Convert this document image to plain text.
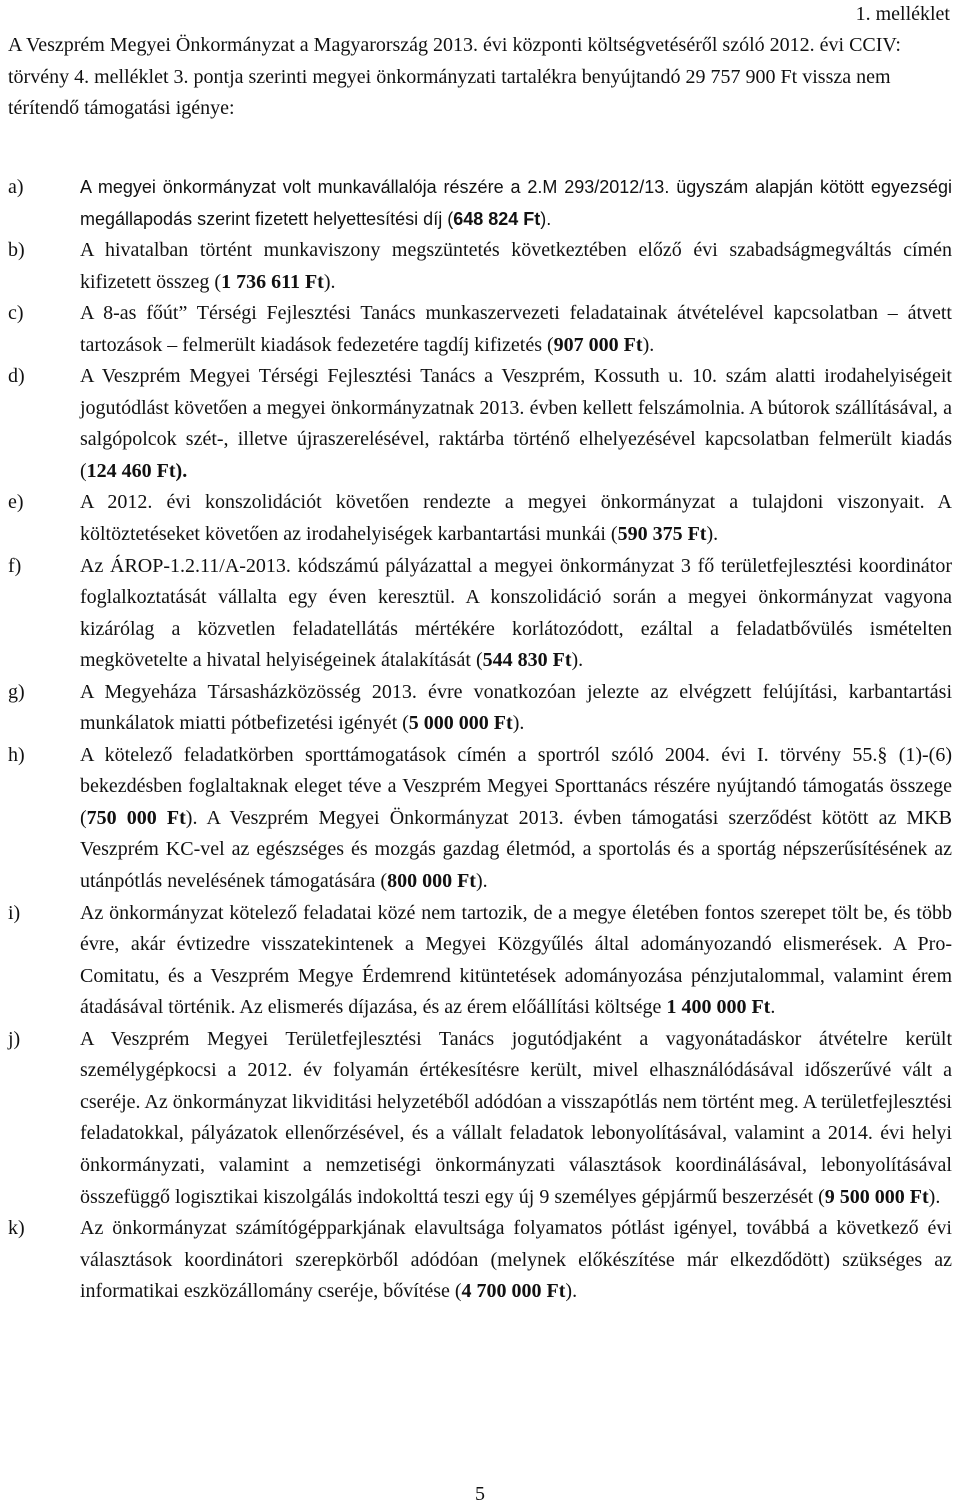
1. melléklet

A Veszprém Megyei Önkormányzat a Magyarország 2013. évi központi költségvetéséről szóló 2012. évi CCIV: törvény 4. melléklet 3. pontja szerinti megyei önkormányzati tartalékra benyújtandó 29 757 900 Ft vissza nem térítendő támogatási igénye:

a)	A megyei önkormányzat volt munkavállalója részére a 2.M 293/2012/13. ügyszám alapján kötött egyezségi megállapodás szerint fizetett helyettesítési díj (648 824 Ft).
b)	A hivatalban történt munkaviszony megszüntetés következtében előző évi szabadságmegváltás címén kifizetett összeg (1 736 611 Ft).
c)	A 8-as főút” Térségi Fejlesztési Tanács munkaszervezeti feladatainak átvételével kapcsolatban – átvett tartozások – felmerült kiadások fedezetére tagdíj kifizetés (907 000 Ft).
d)	A Veszprém Megyei Térségi Fejlesztési Tanács a Veszprém, Kossuth u. 10. szám alatti irodahelyiségeit jogutódlást követően a megyei önkormányzatnak 2013. évben kellett felszámolnia. A bútorok szállításával, a salgópolcok szét-, illetve újraszerelésével, raktárba történő elhelyezésével kapcsolatban felmerült kiadás (124 460 Ft).
e)	A 2012. évi konszolidációt követően rendezte a megyei önkormányzat a tulajdoni viszonyait. A költöztetéseket követően az irodahelyiségek karbantartási munkái (590 375 Ft).
f)	Az ÁROP-1.2.11/A-2013. kódszámú pályázattal a megyei önkormányzat 3 fő területfejlesztési koordinátor foglalkoztatását vállalta egy éven keresztül. A konszolidáció során a megyei önkormányzat vagyona kizárólag a közvetlen feladatellátás mértékére korlátozódott, ezáltal a feladatbővülés ismételten megkövetelte a hivatal helyiségeinek átalakítását (544 830 Ft).
g)	A Megyeháza Társasházközösség 2013. évre vonatkozóan jelezte az elvégzett felújítási, karbantartási munkálatok miatti pótbefizetési igényét (5 000 000 Ft).
h)	A kötelező feladatkörben sporttámogatások címén a sportról szóló 2004. évi I. törvény 55.§ (1)-(6) bekezdésben foglaltaknak eleget téve a Veszprém Megyei Sporttanács részére nyújtandó támogatás összege (750 000 Ft). A Veszprém Megyei Önkormányzat 2013. évben támogatási szerződést kötött az MKB Veszprém KC-vel az egészséges és mozgás gazdag életmód, a sportolás és a sportág népszerűsítésének az utánpótlás nevelésének támogatására (800 000 Ft).
i)	Az önkormányzat kötelező feladatai közé nem tartozik, de a megye életében fontos szerepet tölt be, és több évre, akár évtizedre visszatekintenek a Megyei Közgyűlés által adományozandó elismerések. A Pro-Comitatu, és a Veszprém Megye Érdemrend kitüntetések adományozása pénzjutalommal, valamint érem átadásával történik. Az elismerés díjazása, és az érem előállítási költsége 1 400 000 Ft.
j)	A Veszprém Megyei Területfejlesztési Tanács jogutódjaként a vagyonátadáskor átvételre került személygépkocsi a 2012. év folyamán értékesítésre került, mivel elhasználódásával időszerűvé vált a cseréje. Az önkormányzat likviditási helyzetéből adódóan a visszapótlás nem történt meg. A területfejlesztési feladatokkal, pályázatok ellenőrzésével, és a vállalt feladatok lebonyolításával, valamint a 2014. évi helyi önkormányzati, valamint a nemzetiségi önkormányzati választások koordinálásával, lebonyolításával összefüggő logisztikai kiszolgálás indokolttá teszi egy új 9 személyes gépjármű beszerzését (9 500 000 Ft).
k)	Az önkormányzat számítógépparkjának elavultsága folyamatos pótlást igényel, továbbá a következő évi választások koordinátori szerepkörből adódóan (melynek előkészítése már elkezdődött) szükséges az informatikai eszközállomány cseréje, bővítése (4 700 000 Ft).
5
